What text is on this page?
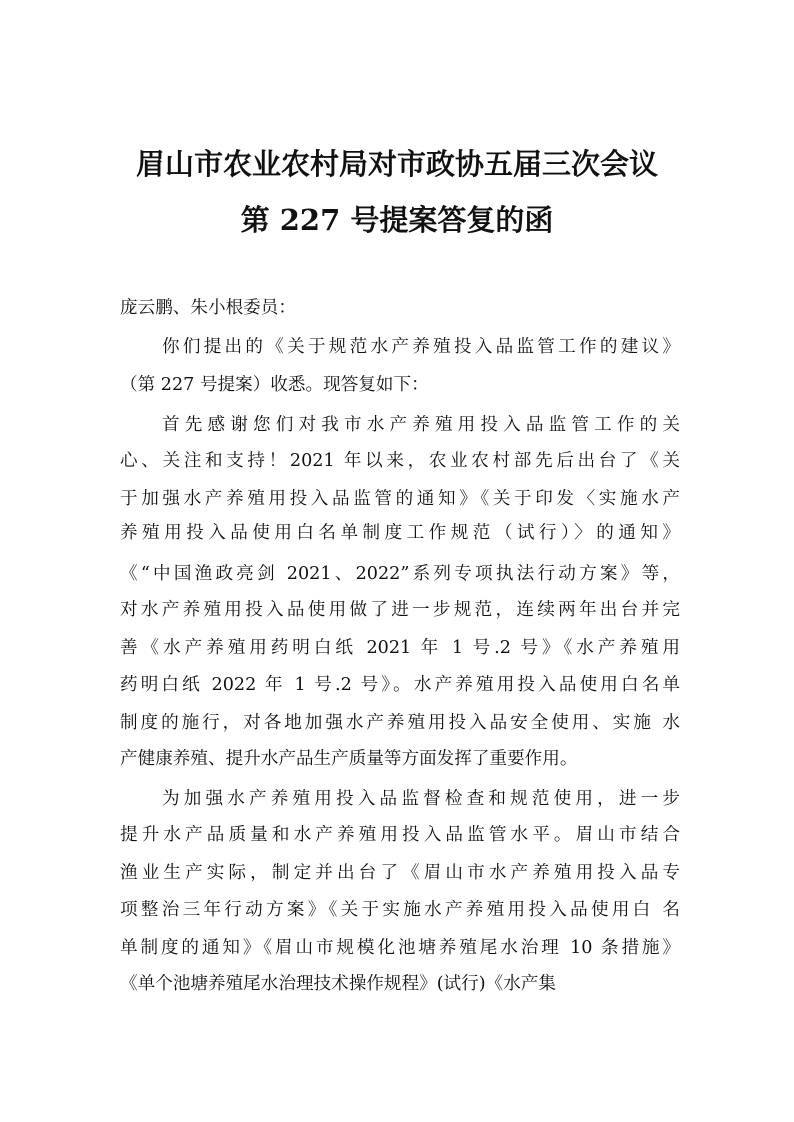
眉山市农业农村局对市政协五届三次会议
第 227 号提案答复的函
庞云鹏、朱小根委员：
你们提出的《关于规范水产养殖投入品监管工作的建议》
（第 227 号提案）收悉。现答复如下：
首先感谢您们对我市水产养殖用投入品监管工作的关
心、关注和支持！2021 年以来，农业农村部先后出台了《关
于加强水产养殖用投入品监管的通知》《关于印发〈实施水产
养殖用投入品使用白名单制度工作规范（试行）〉的通知》
《“中国渔政亮剑 2021、2022”系列专项执法行动方案》等，
对水产养殖用投入品使用做了进一步规范，连续两年出台并完
善《水产养殖用药明白纸 2021 年 1 号.2 号》《水产养殖用
药明白纸 2022 年 1 号.2 号》。水产养殖用投入品使用白名单
制度的施行，对各地加强水产养殖用投入品安全使用、实施 水
产健康养殖、提升水产品生产质量等方面发挥了重要作用。
为加强水产养殖用投入品监督检查和规范使用，进一步
提升水产品质量和水产养殖用投入品监管水平。眉山市结合
渔业生产实际，制定并出台了《眉山市水产养殖用投入品专
项整治三年行动方案》《关于实施水产养殖用投入品使用白 名
单制度的通知》《眉山市规模化池塘养殖尾水治理 10 条措施》
《单个池塘养殖尾水治理技术操作规程》(试行)《水产集
